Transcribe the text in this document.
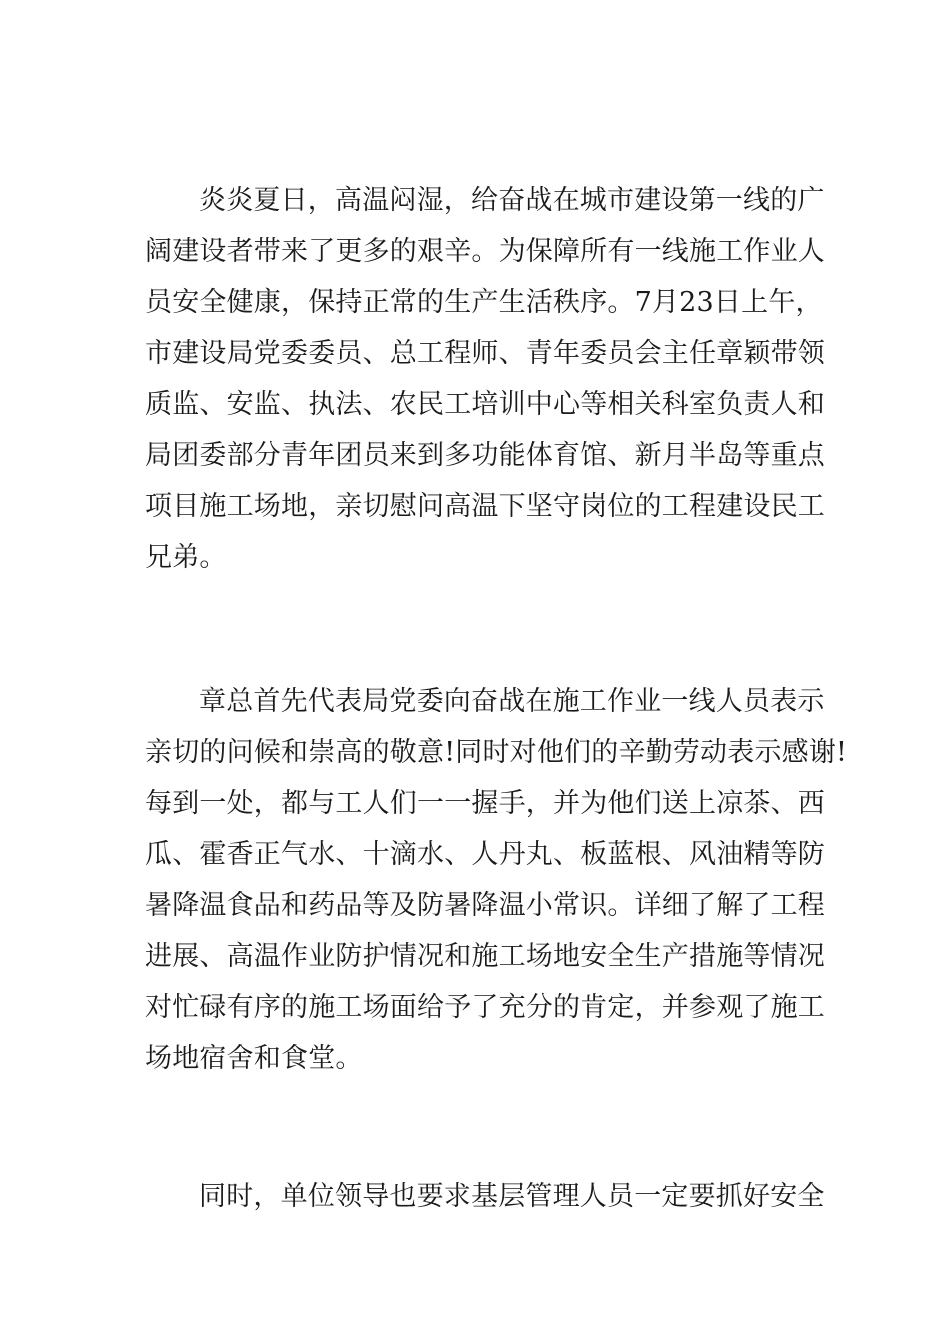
炎炎夏日，高温闷湿，给奋战在城市建设第一线的广
阔建设者带来了更多的艰辛。为保障所有一线施工作业人
员安全健康，保持正常的生产生活秩序。7月23日上午，
市建设局党委委员、总工程师、青年委员会主任章颖带领
质监、安监、执法、农民工培训中心等相关科室负责人和
局团委部分青年团员来到多功能体育馆、新月半岛等重点
项目施工场地，亲切慰问高温下坚守岗位的工程建设民工
兄弟。
章总首先代表局党委向奋战在施工作业一线人员表示
亲切的问候和崇高的敬意!同时对他们的辛勤劳动表示感谢!
每到一处，都与工人们一一握手，并为他们送上凉茶、西
瓜、霍香正气水、十滴水、人丹丸、板蓝根、风油精等防
暑降温食品和药品等及防暑降温小常识。详细了解了工程
进展、高温作业防护情况和施工场地安全生产措施等情况
对忙碌有序的施工场面给予了充分的肯定，并参观了施工
场地宿舍和食堂。
同时，单位领导也要求基层管理人员一定要抓好安全
